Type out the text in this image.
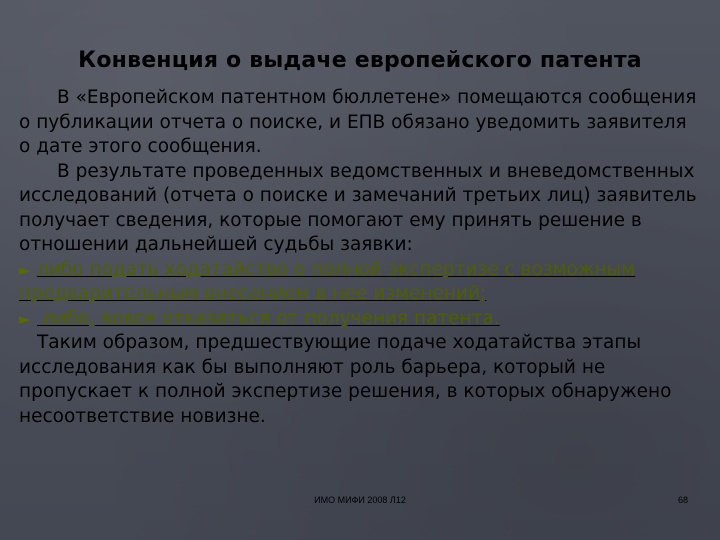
Конвенция о выдаче европейского патента

В «Европейском патентном бюллетене» помещаются сообщения о публикации отчета о поиске, и ЕПВ обязано уведомить заявителя о дате этого сообщения.

В результате проведенных ведомственных и вневедомственных исследований (отчета о поиске и замечаний третьих лиц) заявитель получает сведения, которые помогают ему принять решение в отношении дальнейшей судьбы заявки:

► либо подать ходатайство о полной экспертизе с возможным предварительным внесением в нее изменений;

► либо, вовсе отказаться от получения патента.

Таким образом, предшествующие подаче ходатайства этапы исследования как бы выполняют роль барьера, который не пропускает к полной экспертизе решения, в которых обнаружено несоответствие новизне.

ИМО МИФИ 2008 Л12	68
